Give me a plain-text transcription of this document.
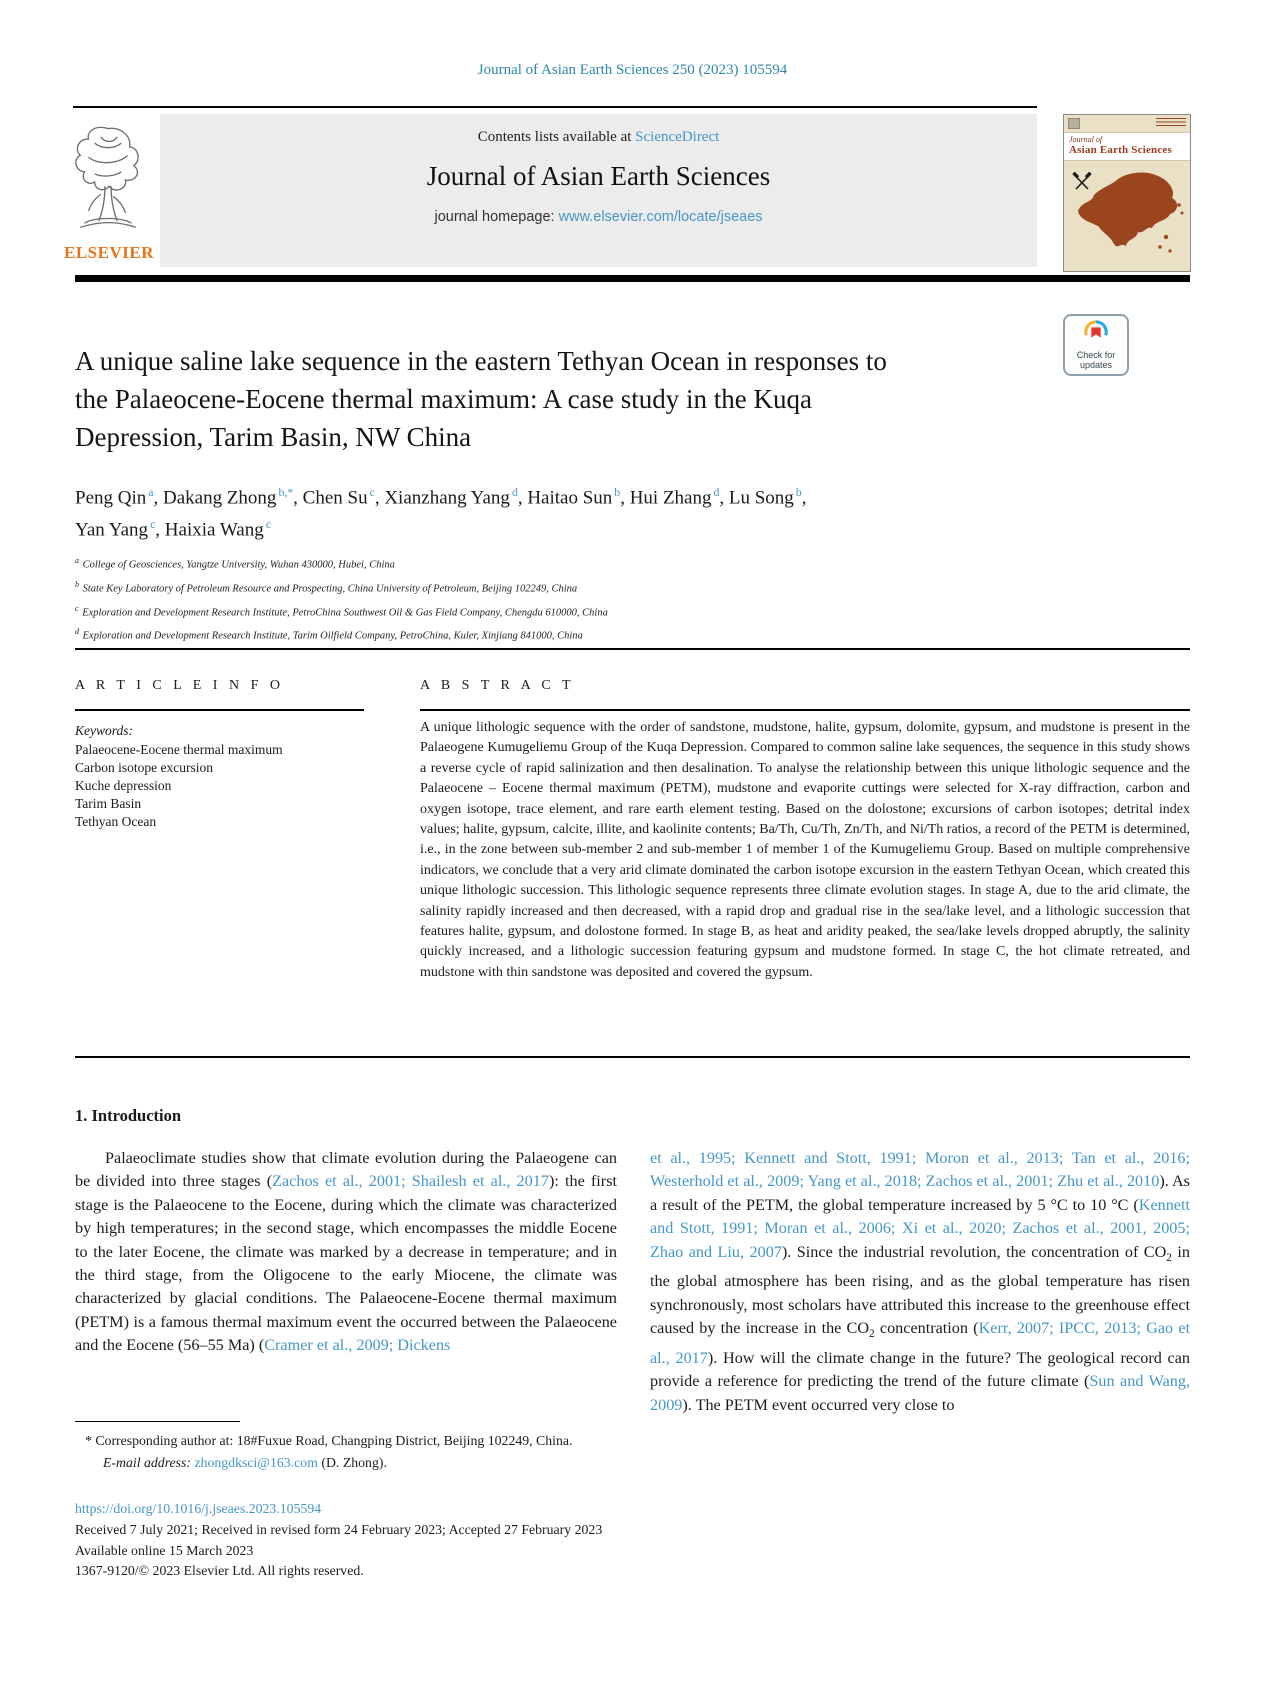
Journal of Asian Earth Sciences 250 (2023) 105594
ELSEVIER
Contents lists available at ScienceDirect
Journal of Asian Earth Sciences
journal homepage: www.elsevier.com/locate/jseaes
Journal of
Asian Earth Sciences
A unique saline lake sequence in the eastern Tethyan Ocean in responses to
the Palaeocene-Eocene thermal maximum: A case study in the Kuqa
Depression, Tarim Basin, NW China
Check for
updates
Peng Qin $^a$, Dakang Zhong $^{b,*}$, Chen Su $^c$, Xianzhang Yang $^d$, Haitao Sun $^b$, Hui Zhang $^d$, Lu Song $^b$,
Yan Yang $^c$, Haixia Wang $^c$
$^a$ College of Geosciences, Yangtze University, Wuhan 430000, Hubei, China
$^b$ State Key Laboratory of Petroleum Resource and Prospecting, China University of Petroleum, Beijing 102249, China
$^c$ Exploration and Development Research Institute, PetroChina Southwest Oil & Gas Field Company, Chengdu 610000, China
$^d$ Exploration and Development Research Institute, Tarim Oilfield Company, PetroChina, Kuler, Xinjiang 841000, China
A R T I C L E I N F O
Keywords:
Palaeocene-Eocene thermal maximum
Carbon isotope excursion
Kuche depression
Tarim Basin
Tethyan Ocean
A B S T R A C T
A unique lithologic sequence with the order of sandstone, mudstone, halite, gypsum, dolomite, gypsum, and mudstone is present in the Palaeogene Kumugeliemu Group of the Kuqa Depression. Compared to common saline lake sequences, the sequence in this study shows a reverse cycle of rapid salinization and then desalination. To analyse the relationship between this unique lithologic sequence and the Palaeocene – Eocene thermal maximum (PETM), mudstone and evaporite cuttings were selected for X-ray diffraction, carbon and oxygen isotope, trace element, and rare earth element testing. Based on the dolostone; excursions of carbon isotopes; detrital index values; halite, gypsum, calcite, illite, and kaolinite contents; Ba/Th, Cu/Th, Zn/Th, and Ni/Th ratios, a record of the PETM is determined, i.e., in the zone between sub-member 2 and sub-member 1 of member 1 of the Kumugeliemu Group. Based on multiple comprehensive indicators, we conclude that a very arid climate dominated the carbon isotope excursion in the eastern Tethyan Ocean, which created this unique lithologic succession. This lithologic sequence represents three climate evolution stages. In stage A, due to the arid climate, the salinity rapidly increased and then decreased, with a rapid drop and gradual rise in the sea/lake level, and a lithologic succession that features halite, gypsum, and dolostone formed. In stage B, as heat and aridity peaked, the sea/lake levels dropped abruptly, the salinity quickly increased, and a lithologic succession featuring gypsum and mudstone formed. In stage C, the hot climate retreated, and mudstone with thin sandstone was deposited and covered the gypsum.
1. Introduction
Palaeoclimate studies show that climate evolution during the Palaeogene can be divided into three stages (Zachos et al., 2001; Shailesh et al., 2017): the first stage is the Palaeocene to the Eocene, during which the climate was characterized by high temperatures; in the second stage, which encompasses the middle Eocene to the later Eocene, the climate was marked by a decrease in temperature; and in the third stage, from the Oligocene to the early Miocene, the climate was characterized by glacial conditions. The Palaeocene-Eocene thermal maximum (PETM) is a famous thermal maximum event the occurred between the Palaeocene and the Eocene (56–55 Ma) (Cramer et al., 2009; Dickens
et al., 1995; Kennett and Stott, 1991; Moron et al., 2013; Tan et al., 2016; Westerhold et al., 2009; Yang et al., 2018; Zachos et al., 2001; Zhu et al., 2010). As a result of the PETM, the global temperature increased by 5 °C to 10 °C (Kennett and Stott, 1991; Moran et al., 2006; Xi et al., 2020; Zachos et al., 2001, 2005; Zhao and Liu, 2007). Since the industrial revolution, the concentration of $CO_2$ in the global atmosphere has been rising, and as the global temperature has risen synchronously, most scholars have attributed this increase to the greenhouse effect caused by the increase in the $CO_2$ concentration (Kerr, 2007; IPCC, 2013; Gao et al., 2017). How will the climate change in the future? The geological record can provide a reference for predicting the trend of the future climate (Sun and Wang, 2009). The PETM event occurred very close to
* Corresponding author at: 18#Fuxue Road, Changping District, Beijing 102249, China.
E-mail address: zhongdksci@163.com (D. Zhong).
https://doi.org/10.1016/j.jseaes.2023.105594
Received 7 July 2021; Received in revised form 24 February 2023; Accepted 27 February 2023
Available online 15 March 2023
1367-9120/© 2023 Elsevier Ltd. All rights reserved.
